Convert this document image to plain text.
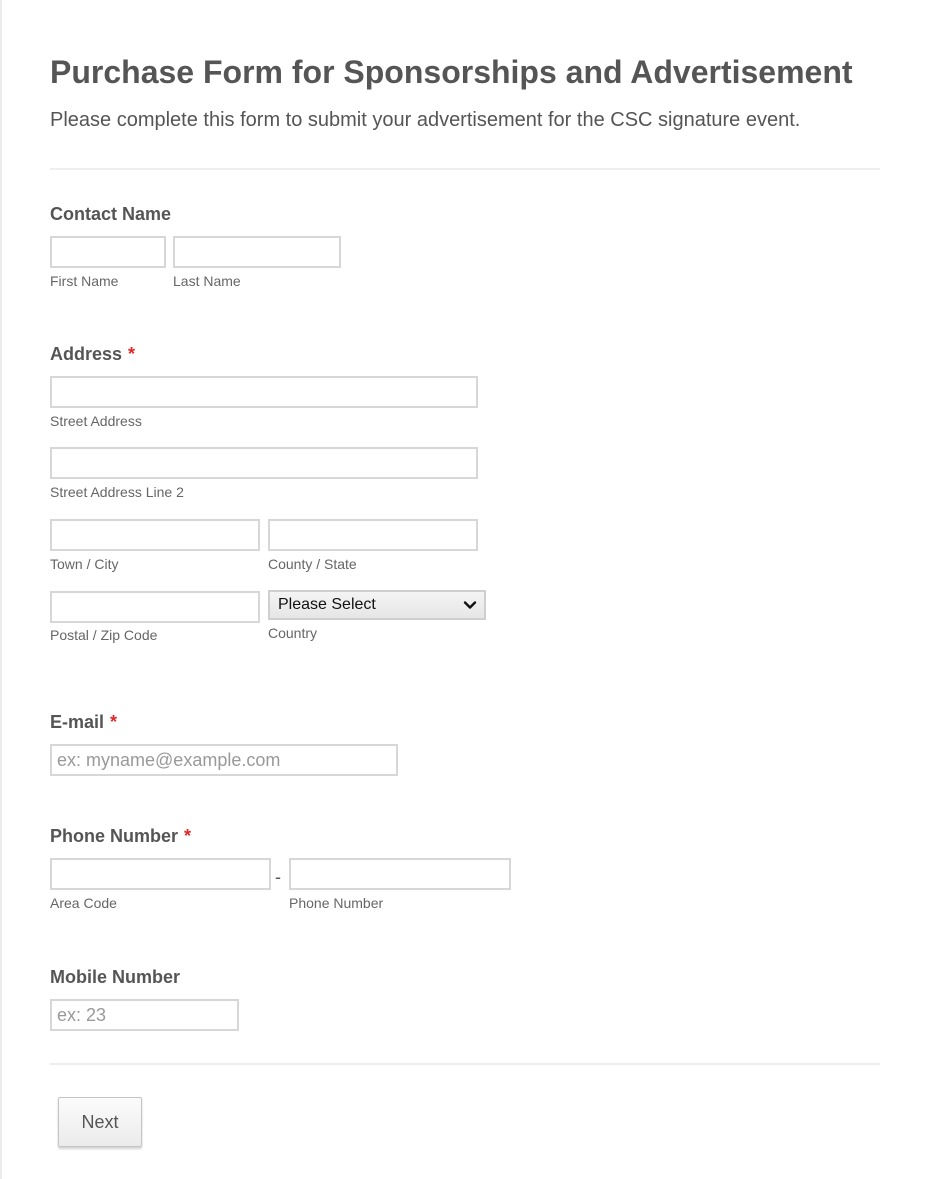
Purchase Form for Sponsorships and Advertisement
Please complete this form to submit your advertisement for the CSC signature event.
Contact Name
First Name	Last Name
Address *
Street Address
Street Address Line 2
Town / City	County / State
Postal / Zip Code
Please Select
Country
E-mail *
ex: myname@example.com
Phone Number *
Area Code
-
Phone Number
Mobile Number
ex: 23
Next
